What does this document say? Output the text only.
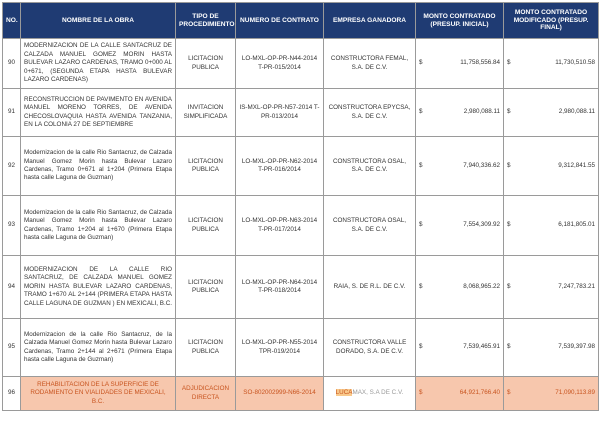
NO.	NOMBRE DE LA OBRA	TIPO DE PROCEDIMIENTO	NUMERO DE CONTRATO	EMPRESA GANADORA	MONTO CONTRATADO (PRESUP. INICIAL)		MONTO CONTRATADO MODIFICADO (PRESUP. FINAL)	
90	MODERNIZACION DE LA CALLE SANTACRUZ DE CALZADA MANUEL GOMEZ MORIN HASTA BULEVAR LAZARO CARDENAS, TRAMO 0+000 AL 0+671, (SEGUNDA ETAPA HASTA BULEVAR LAZARO CARDENAS)	LICITACION PUBLICA	LO-MXL-OP-PR-N44-2014 T-PR-015/2014	CONSTRUCTORA FEMAL, S.A. DE C.V.	$	11,758,556.84	$	11,730,510.58
91	RECONSTRUCCION DE PAVIMENTO EN AVENIDA MANUEL MORENO TORRES, DE AVENIDA CHECOSLOVAQUIA HASTA AVENIDA TANZANIA, EN LA COLONIA 27 DE SEPTIEMBRE	INVITACION SIMPLIFICADA	IS-MXL-OP-PR-N57-2014 T-PR-013/2014	CONSTRUCTORA EPYCSA, S.A. DE C.V.	$	2,980,088.11	$	2,980,088.11
92	Modernizacion de la calle Rio Santacruz, de Calzada Manuel Gomez Morin hasta Bulevar Lazaro Cardenas, Tramo 0+671 al 1+204 (Primera Etapa hasta calle Laguna de Guzman)	LICITACION PUBLICA	LO-MXL-OP-PR-N62-2014 T-PR-016/2014	CONSTRUCTORA OSAL, S.A. DE C.V.	$	7,940,336.62	$	9,312,841.55
93	Modernizacion de la calle Rio Santacruz, de Calzada Manuel Gomez Morin hasta Bulevar Lazaro Cardenas, Tramo 1+204 al 1+670 (Primera Etapa hasta calle Laguna de Guzman)	LICITACION PUBLICA	LO-MXL-OP-PR-N63-2014 T-PR-017/2014	CONSTRUCTORA OSAL, S.A. DE C.V.	$	7,554,309.92	$	6,181,805.01
94	MODERNIZACION DE LA CALLE RIO SANTACRUZ, DE CALZADA MANUEL GOMEZ MORIN HASTA BULEVAR LAZARO CARDENAS, TRAMO 1+670 AL 2+144 (PRIMERA ETAPA HASTA CALLE LAGUNA DE GUZMAN ) EN MEXICALI, B.C.	LICITACION PUBLICA	LO-MXL-OP-PR-N64-2014 T-PR-018/2014	RAIA, S. DE R.L. DE C.V.	$	8,068,965.22	$	7,247,783.21
95	Modernizacion de la calle Rio Santacruz, de la Calzada Manuel Gomez Morin hasta Bulevar Lazaro Cardenas, Tramo 2+144 al 2+671 (Primera Etapa hasta calle Laguna de Guzman)	LICITACION PUBLICA	LO-MXL-OP-PR-N55-2014 TPR-019/2014	CONSTRUCTORA VALLE DORADO, S.A. DE C.V.	$	7,539,465.91	$	7,539,397.98
96	REHABILITACION DE LA SUPERFICIE DE RODAMIENTO EN VIALIDADES DE MEXICALI, B.C.	ADJUDICACION DIRECTA	SO-802002999-N66-2014	LUCAMAX, S.A DE C.V.	$	64,921,766.40	$	71,090,113.89
